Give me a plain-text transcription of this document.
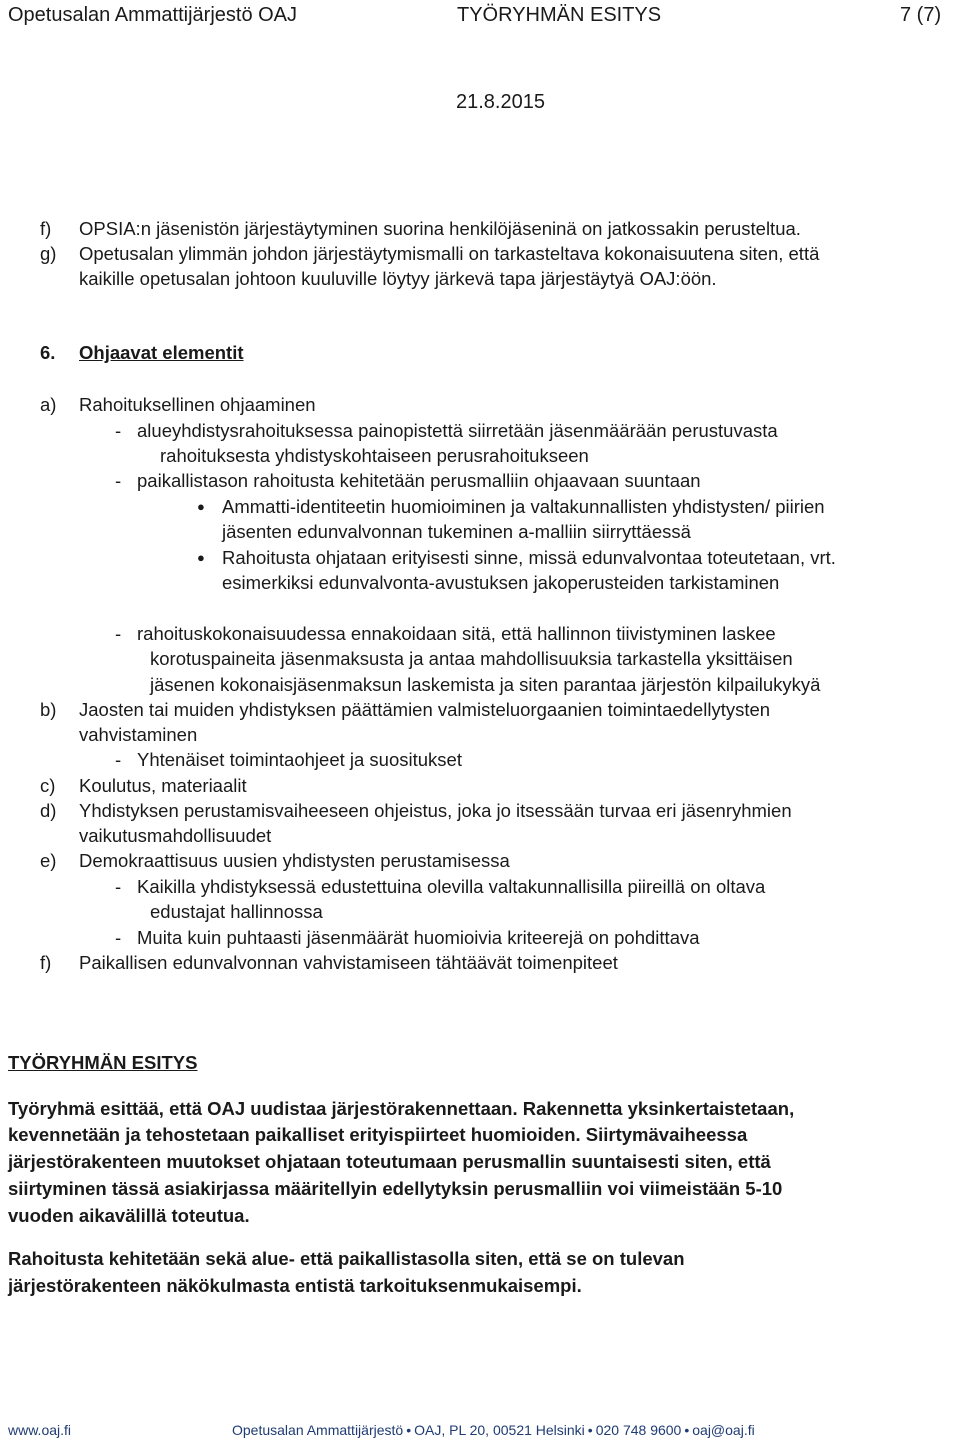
Opetusalan Ammattijärjestö OAJ	TYÖRYHMÄN ESITYS	7 (7)
21.8.2015
f) OPSIA:n jäsenistön järjestäytyminen suorina henkilöjäseninä on jatkossakin perusteltua.
g) Opetusalan ylimmän johdon järjestäytymismalli on tarkasteltava kokonaisuutena siten, että
kaikille opetusalan johtoon kuuluville löytyy järkevä tapa järjestäytyä OAJ:öön.
6. Ohjaavat elementit
a) Rahoituksellinen ohjaaminen
- alueyhdistysrahoituksessa painopistettä siirretään jäsenmäärään perustuvasta
rahoituksesta yhdistyskohtaiseen perusrahoitukseen
- paikallistason rahoitusta kehitetään perusmalliin ohjaavaan suuntaan
● Ammatti-identiteetin huomioiminen ja valtakunnallisten yhdistysten/ piirien
jäsenten edunvalvonnan tukeminen a-malliin siirryttäessä
● Rahoitusta ohjataan erityisesti sinne, missä edunvalvontaa toteutetaan, vrt.
esimerkiksi edunvalvonta-avustuksen jakoperusteiden tarkistaminen
- rahoituskokonaisuudessa ennakoidaan sitä, että hallinnon tiivistyminen laskee
korotuspaineita jäsenmaksusta ja antaa mahdollisuuksia tarkastella yksittäisen
jäsenen kokonaisjäsenmaksun laskemista ja siten parantaa järjestön kilpailukykyä
b) Jaosten tai muiden yhdistyksen päättämien valmisteluorgaanien toimintaedellytysten
vahvistaminen
- Yhtenäiset toimintaohjeet ja suositukset
c) Koulutus, materiaalit
d) Yhdistyksen perustamisvaiheeseen ohjeistus, joka jo itsessään turvaa eri jäsenryhmien
vaikutusmahdollisuudet
e) Demokraattisuus uusien yhdistysten perustamisessa
- Kaikilla yhdistyksessä edustettuina olevilla valtakunnallisilla piireillä on oltava
edustajat hallinnossa
- Muita kuin puhtaasti jäsenmäärät huomioivia kriteerejä on pohdittava
f) Paikallisen edunvalvonnan vahvistamiseen tähtäävät toimenpiteet
TYÖRYHMÄN ESITYS
Työryhmä esittää, että OAJ uudistaa järjestörakennettaan. Rakennetta yksinkertaistetaan,
kevennetään ja tehostetaan paikalliset erityispiirteet huomioiden. Siirtymävaiheessa
järjestörakenteen muutokset ohjataan toteutumaan perusmallin suuntaisesti siten, että
siirtyminen tässä asiakirjassa määritellyin edellytyksin perusmalliin voi viimeistään 5-10
vuoden aikavälillä toteutua.
Rahoitusta kehitetään sekä alue- että paikallistasolla siten, että se on tulevan
järjestörakenteen näkökulmasta entistä tarkoituksenmukaisempi.
www.oaj.fi	Opetusalan Ammattijärjestö • OAJ, PL 20, 00521 Helsinki • 020 748 9600 • oaj@oaj.fi
